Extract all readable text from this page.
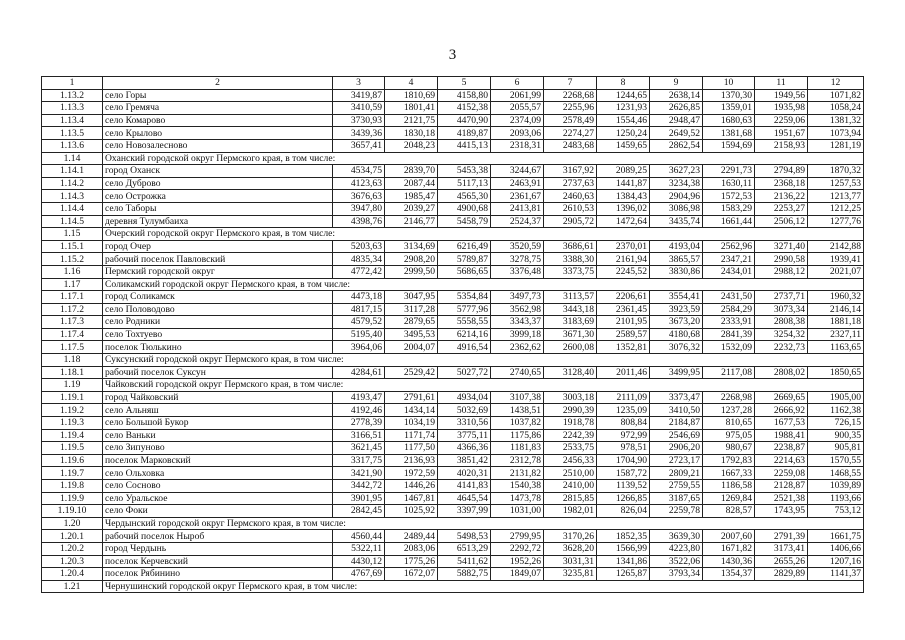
3
1	2	3	4	5	6	7	8	9	10	11	12
1.13.2	село Горы	3419,87	1810,69	4158,80	2061,99	2268,68	1244,65	2638,14	1370,30	1949,56	1071,82
1.13.3	село Гремяча	3410,59	1801,41	4152,38	2055,57	2255,96	1231,93	2626,85	1359,01	1935,98	1058,24
1.13.4	село Комарово	3730,93	2121,75	4470,90	2374,09	2578,49	1554,46	2948,47	1680,63	2259,06	1381,32
1.13.5	село Крылово	3439,36	1830,18	4189,87	2093,06	2274,27	1250,24	2649,52	1381,68	1951,67	1073,94
1.13.6	село Новозалесново	3657,41	2048,23	4415,13	2318,31	2483,68	1459,65	2862,54	1594,69	2158,93	1281,19
1.14	Оханский городской округ Пермского края, в том числе:										
1.14.1	город Оханск	4534,75	2839,70	5453,38	3244,67	3167,92	2089,25	3627,23	2291,73	2794,89	1870,32
1.14.2	село Дуброво	4123,63	2087,44	5117,13	2463,91	2737,63	1441,87	3234,38	1630,11	2368,18	1257,53
1.14.3	село Острожка	3676,63	1985,47	4565,30	2361,67	2460,63	1384,43	2904,96	1572,53	2136,22	1213,77
1.14.4	село Таборы	3947,80	2039,27	4900,68	2413,81	2610,53	1396,02	3086,98	1583,29	2253,27	1212,25
1.14.5	деревня Тулумбаиха	4398,76	2146,77	5458,79	2524,37	2905,72	1472,64	3435,74	1661,44	2506,12	1277,76
1.15	Очерский городской округ Пермского края, в том числе:										
1.15.1	город Очер	5203,63	3134,69	6216,49	3520,59	3686,61	2370,01	4193,04	2562,96	3271,40	2142,88
1.15.2	рабочий поселок Павловский	4835,34	2908,20	5789,87	3278,75	3388,30	2161,94	3865,57	2347,21	2990,58	1939,41
1.16	Пермский городской округ	4772,42	2999,50	5686,65	3376,48	3373,75	2245,52	3830,86	2434,01	2988,12	2021,07
1.17	Соликамский городской округ Пермского края, в том числе:										
1.17.1	город Соликамск	4473,18	3047,95	5354,84	3497,73	3113,57	2206,61	3554,41	2431,50	2737,71	1960,32
1.17.2	село Половодово	4817,15	3117,28	5777,96	3562,98	3443,18	2361,45	3923,59	2584,29	3073,34	2146,14
1.17.3	село Родники	4579,52	2879,65	5558,55	3343,37	3183,69	2101,95	3673,20	2333,91	2808,38	1881,18
1.17.4	село Тохтуево	5195,40	3495,53	6214,16	3999,18	3671,30	2589,57	4180,68	2841,39	3254,32	2327,11
1.17.5	поселок Тюлькино	3964,06	2004,07	4916,54	2362,62	2600,08	1352,81	3076,32	1532,09	2232,73	1163,65
1.18	Суксунский городской округ Пермского края, в том числе:										
1.18.1	рабочий поселок Суксун	4284,61	2529,42	5027,72	2740,65	3128,40	2011,46	3499,95	2117,08	2808,02	1850,65
1.19	Чайковский городской округ Пермского края, в том числе:										
1.19.1	город Чайковский	4193,47	2791,61	4934,04	3107,38	3003,18	2111,09	3373,47	2268,98	2669,65	1905,00
1.19.2	село Альняш	4192,46	1434,14	5032,69	1438,51	2990,39	1235,09	3410,50	1237,28	2666,92	1162,38
1.19.3	село Большой Букор	2778,39	1034,19	3310,56	1037,82	1918,78	808,84	2184,87	810,65	1677,53	726,15
1.19.4	село Ваньки	3166,51	1171,74	3775,11	1175,86	2242,39	972,99	2546,69	975,05	1988,41	900,35
1.19.5	село Зипуново	3621,45	1177,50	4366,36	1181,83	2533,75	978,51	2906,20	980,67	2238,87	905,81
1.19.6	поселок Марковский	3317,75	2136,93	3851,42	2312,78	2456,33	1704,90	2723,17	1792,83	2214,63	1570,55
1.19.7	село Ольховка	3421,90	1972,59	4020,31	2131,82	2510,00	1587,72	2809,21	1667,33	2259,08	1468,55
1.19.8	село Сосново	3442,72	1446,26	4141,83	1540,38	2410,00	1139,52	2759,55	1186,58	2128,87	1039,89
1.19.9	село Уральское	3901,95	1467,81	4645,54	1473,78	2815,85	1266,85	3187,65	1269,84	2521,38	1193,66
1.19.10	село Фоки	2842,45	1025,92	3397,99	1031,00	1982,01	826,04	2259,78	828,57	1743,95	753,12
1.20	Чердынский городской округ Пермского края, в том числе:										
1.20.1	рабочий поселок Ныроб	4560,44	2489,44	5498,53	2799,95	3170,26	1852,35	3639,30	2007,60	2791,39	1661,75
1.20.2	город Чердынь	5322,11	2083,06	6513,29	2292,72	3628,20	1566,99	4223,80	1671,82	3173,41	1406,66
1.20.3	поселок Керчевский	4430,12	1775,26	5411,62	1952,26	3031,31	1341,86	3522,06	1430,36	2655,26	1207,16
1.20.4	поселок Рябинино	4767,69	1672,07	5882,75	1849,07	3235,81	1265,87	3793,34	1354,37	2829,89	1141,37
1.21	Чернушинский городской округ Пермского края, в том числе:										
